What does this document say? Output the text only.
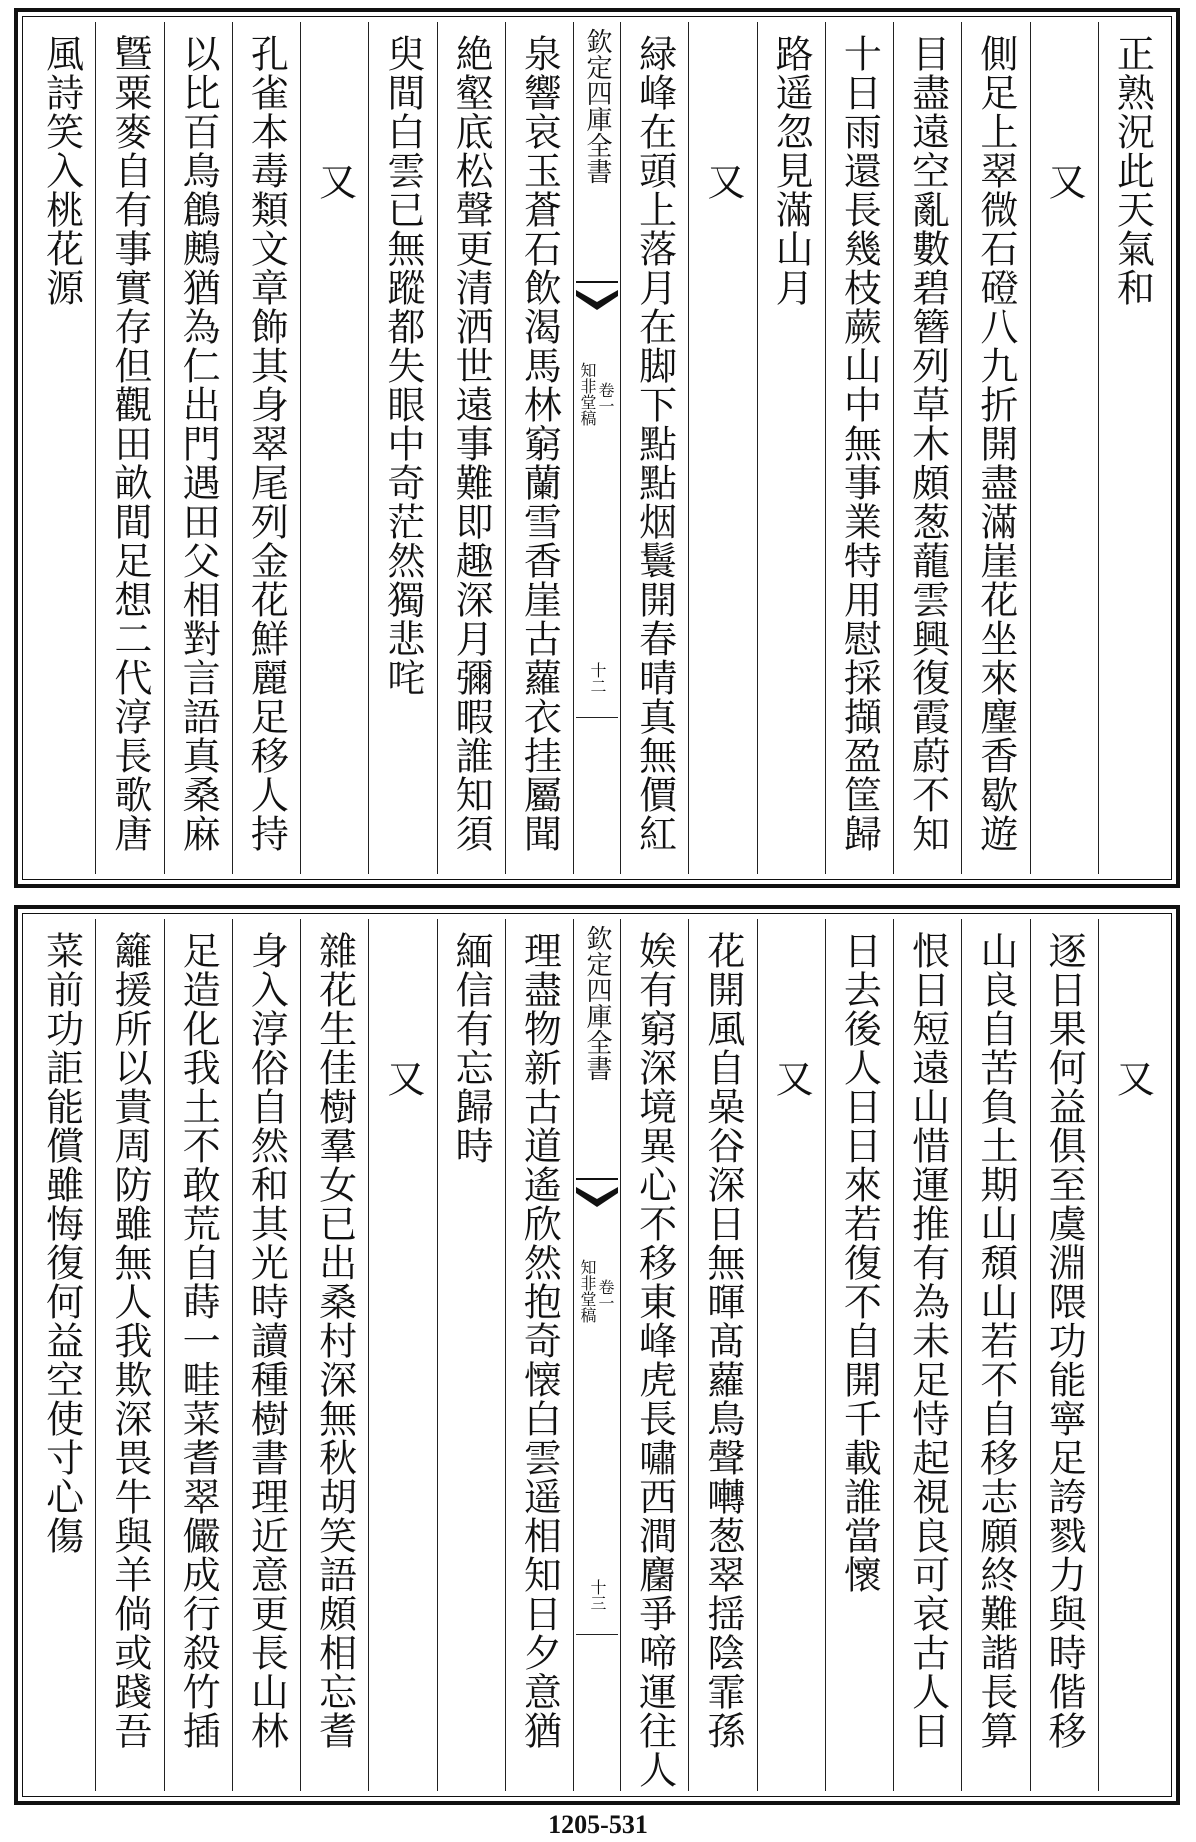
正熟況此天氣和
又
側足上翠微石磴八九折開盡滿崖花坐來麈香歇遊
目盡遠空亂數碧簪列草木頗葱蘢雲興復霞蔚不知
十日雨還長幾枝蕨山中無事業特用慰採擷盈筐歸
路遥忽見滿山月
又
緑峰在頭上落月在脚下點點烟鬟開春晴真無價紅
欽定四庫全書
知非堂稿 卷一
十二
泉響哀玉蒼石飲渴馬林窮蘭雪香崖古蘿衣挂屬聞
絶壑底松聲更清洒世遠事難即趣深月彌暇誰知須
臾間白雲已無蹤都失眼中奇茫然獨悲咤
又
孔雀本毒類文章飾其身翠尾列金花鮮麗足移人持
以比百鳥鶬鶊猶為仁出門遇田父相對言語真桑麻
曁粟麥自有事實存但觀田畝間足想二代淳長歌唐
風詩笑入桃花源
又
逐日果何益俱至虞淵隈功能寧足誇戮力與時偕移
山良自苦負土期山頹山若不自移志願終難諧長算
恨日短遠山惜運推有為未足恃起視良可哀古人日
日去後人日日來若復不自開千載誰當懷
又
花開風自喿谷深日無暉髙蘿鳥聲囀葱翠揺陰霏孫
娭有窮深境異心不移東峰虎長嘯西澗麕爭啼運往人
欽定四庫全書
知非堂稿 卷一
十三
理盡物新古道遙欣然抱奇懐白雲遥相知日夕意猶
緬信有忘歸時
又
雜花生佳樹羣女已出桑村深無秋胡笑語頗相忘耆
身入淳俗自然和其光時讀種樹書理近意更長山林
足造化我土不敢荒自蒔一畦菜耆翠儼成行殺竹插
籬援所以貴周防雖無人我欺深畏牛與羊倘或踐吾
菜前功詎能償雖悔復何益空使寸心傷
1205-531
